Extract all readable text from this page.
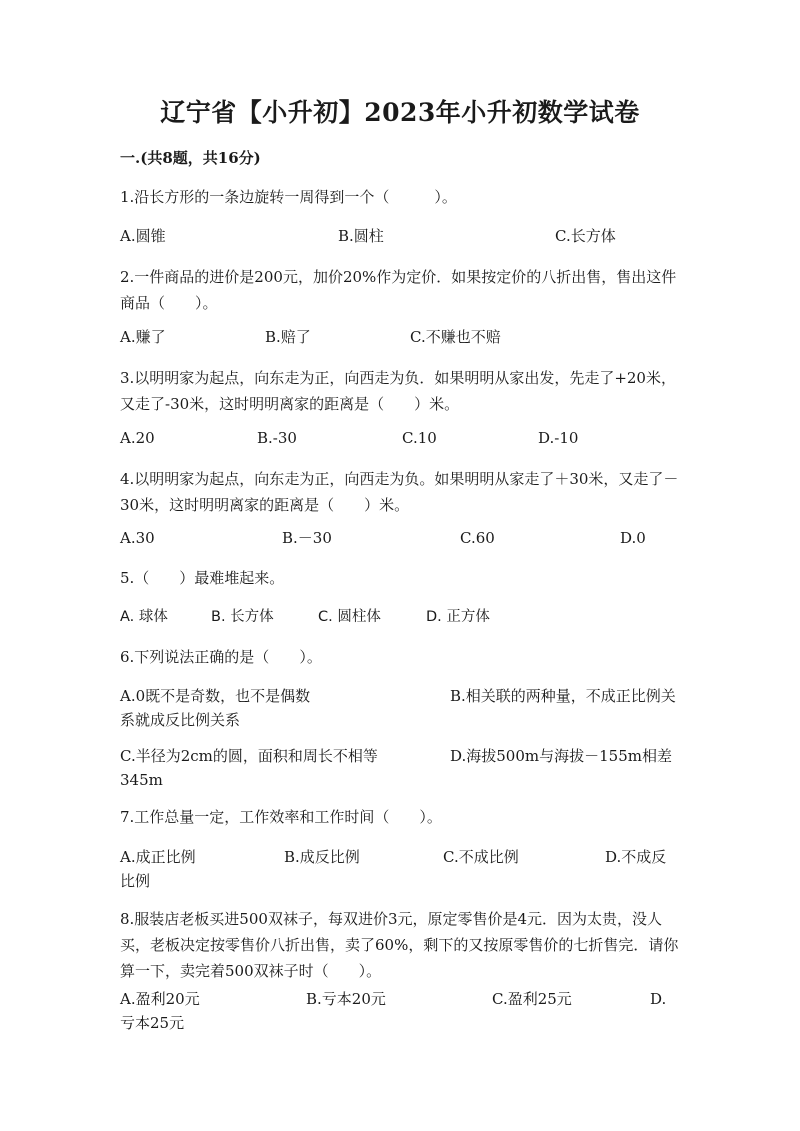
辽宁省【小升初】2023年小升初数学试卷
一.(共8题，共16分)
1.沿长方形的一条边旋转一周得到一个（　　　）。
A.圆锥	B.圆柱	C.长方体
2.一件商品的进价是200元，加价20%作为定价．如果按定价的八折出售，售出这件商品（　　）。
A.赚了	B.赔了	C.不赚也不赔
3.以明明家为起点，向东走为正，向西走为负．如果明明从家出发，先走了+20米，又走了-30米，这时明明离家的距离是（　　）米。
A.20	B.-30	C.10	D.-10
4.以明明家为起点，向东走为正，向西走为负。如果明明从家走了＋30米，又走了－30米，这时明明离家的距离是（　　）米。
A.30	B.－30	C.60	D.0
5.（　　）最难堆起来。
A. 球体	B. 长方体	C. 圆柱体	D. 正方体
6.下列说法正确的是（　　）。
A.0既不是奇数，也不是偶数	B.相关联的两种量，不成正比例关系就成反比例关系
C.半径为2cm的圆，面积和周长不相等	D.海拔500m与海拔－155m相差345m
7.工作总量一定，工作效率和工作时间（　　）。
A.成正比例	B.成反比例	C.不成比例	D.不成反比例
8.服装店老板买进500双袜子，每双进价3元，原定零售价是4元．因为太贵，没人买，老板决定按零售价八折出售，卖了60%，剩下的又按原零售价的七折售完．请你算一下，卖完着500双袜子时（　　）。
A.盈利20元	B.亏本20元	C.盈利25元	D.亏本25元
